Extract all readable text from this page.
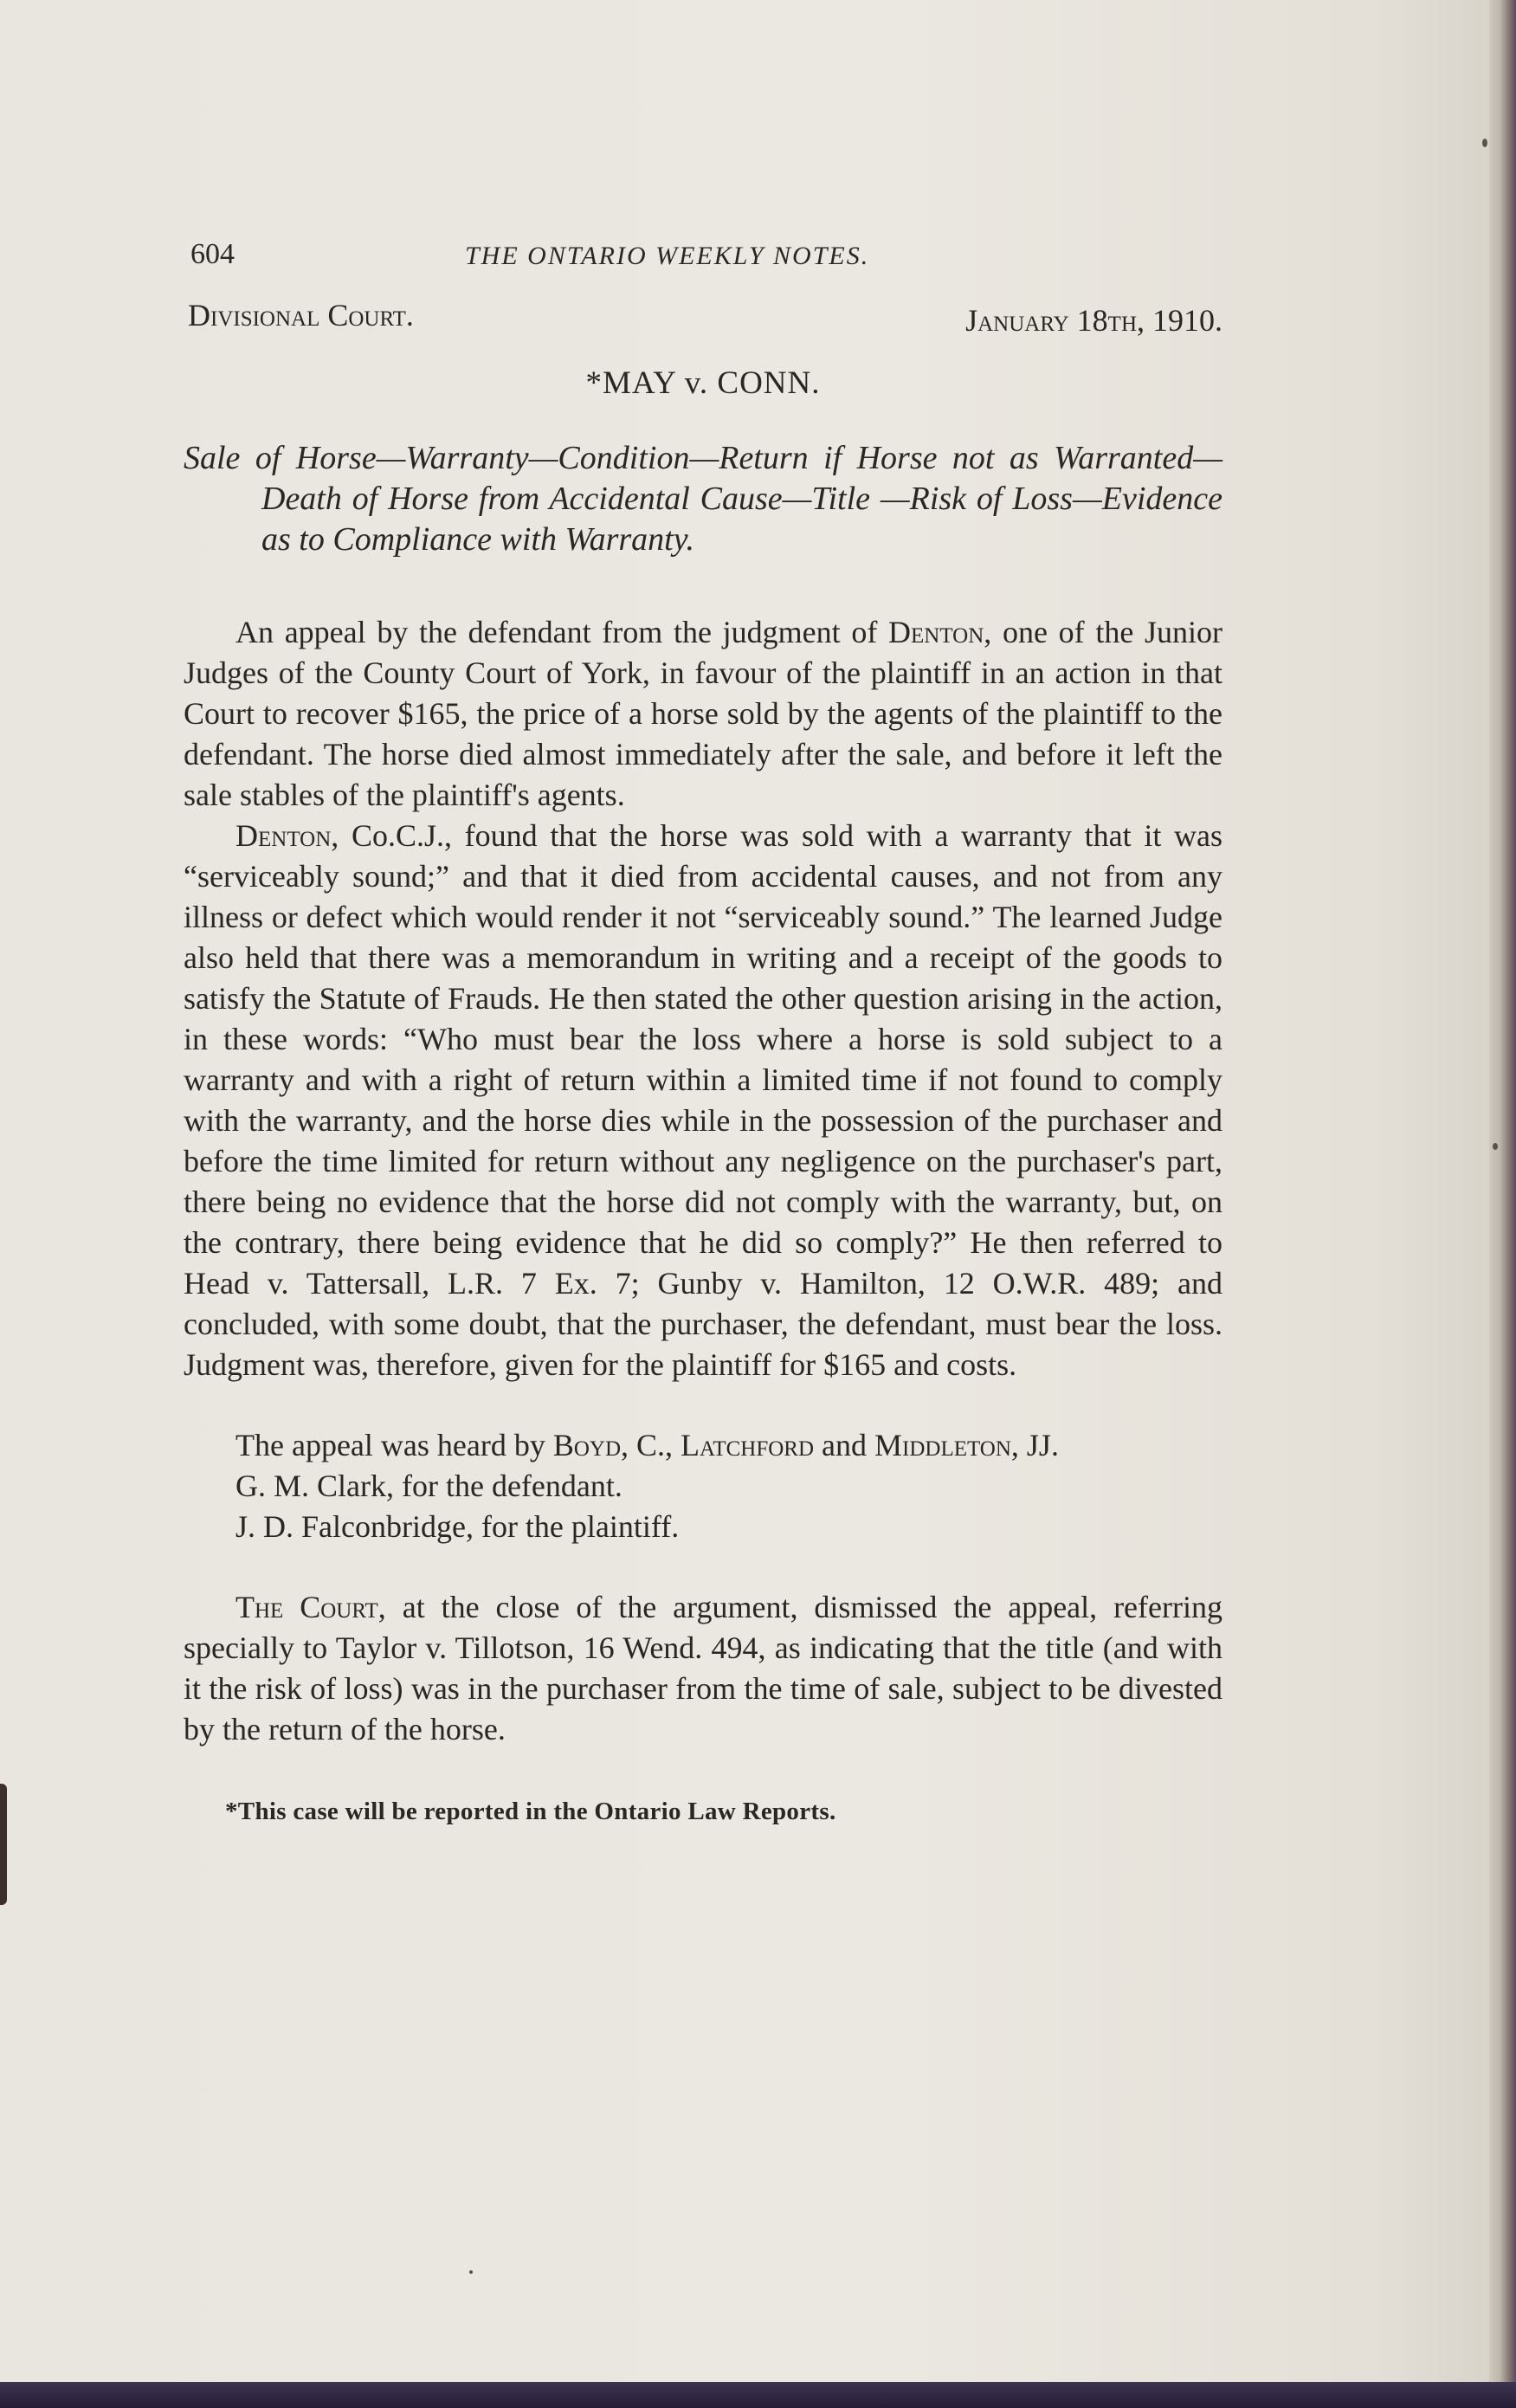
604	THE ONTARIO WEEKLY NOTES.
Divisional Court.	January 18th, 1910.
*MAY v. CONN.
Sale of Horse—Warranty—Condition—Return if Horse not as Warranted—Death of Horse from Accidental Cause—Title —Risk of Loss—Evidence as to Compliance with Warranty.

An appeal by the defendant from the judgment of Denton, one of the Junior Judges of the County Court of York, in favour of the plaintiff in an action in that Court to recover $165, the price of a horse sold by the agents of the plaintiff to the defendant. The horse died almost immediately after the sale, and before it left the sale stables of the plaintiff's agents.

Denton, Co.C.J., found that the horse was sold with a warranty that it was “serviceably sound;” and that it died from accidental causes, and not from any illness or defect which would render it not “serviceably sound.” The learned Judge also held that there was a memorandum in writing and a receipt of the goods to satisfy the Statute of Frauds. He then stated the other question arising in the action, in these words: “Who must bear the loss where a horse is sold subject to a warranty and with a right of return within a limited time if not found to comply with the warranty, and the horse dies while in the possession of the purchaser and before the time limited for return without any negligence on the purchaser's part, there being no evidence that the horse did not comply with the warranty, but, on the contrary, there being evidence that he did so comply?” He then referred to Head v. Tattersall, L.R. 7 Ex. 7; Gunby v. Hamilton, 12 O.W.R. 489; and concluded, with some doubt, that the purchaser, the defendant, must bear the loss. Judgment was, therefore, given for the plaintiff for $165 and costs.

The appeal was heard by Boyd, C., Latchford and Middleton, JJ.

G. M. Clark, for the defendant.

J. D. Falconbridge, for the plaintiff.

The Court, at the close of the argument, dismissed the appeal, referring specially to Taylor v. Tillotson, 16 Wend. 494, as indicating that the title (and with it the risk of loss) was in the purchaser from the time of sale, subject to be divested by the return of the horse.

*This case will be reported in the Ontario Law Reports.
